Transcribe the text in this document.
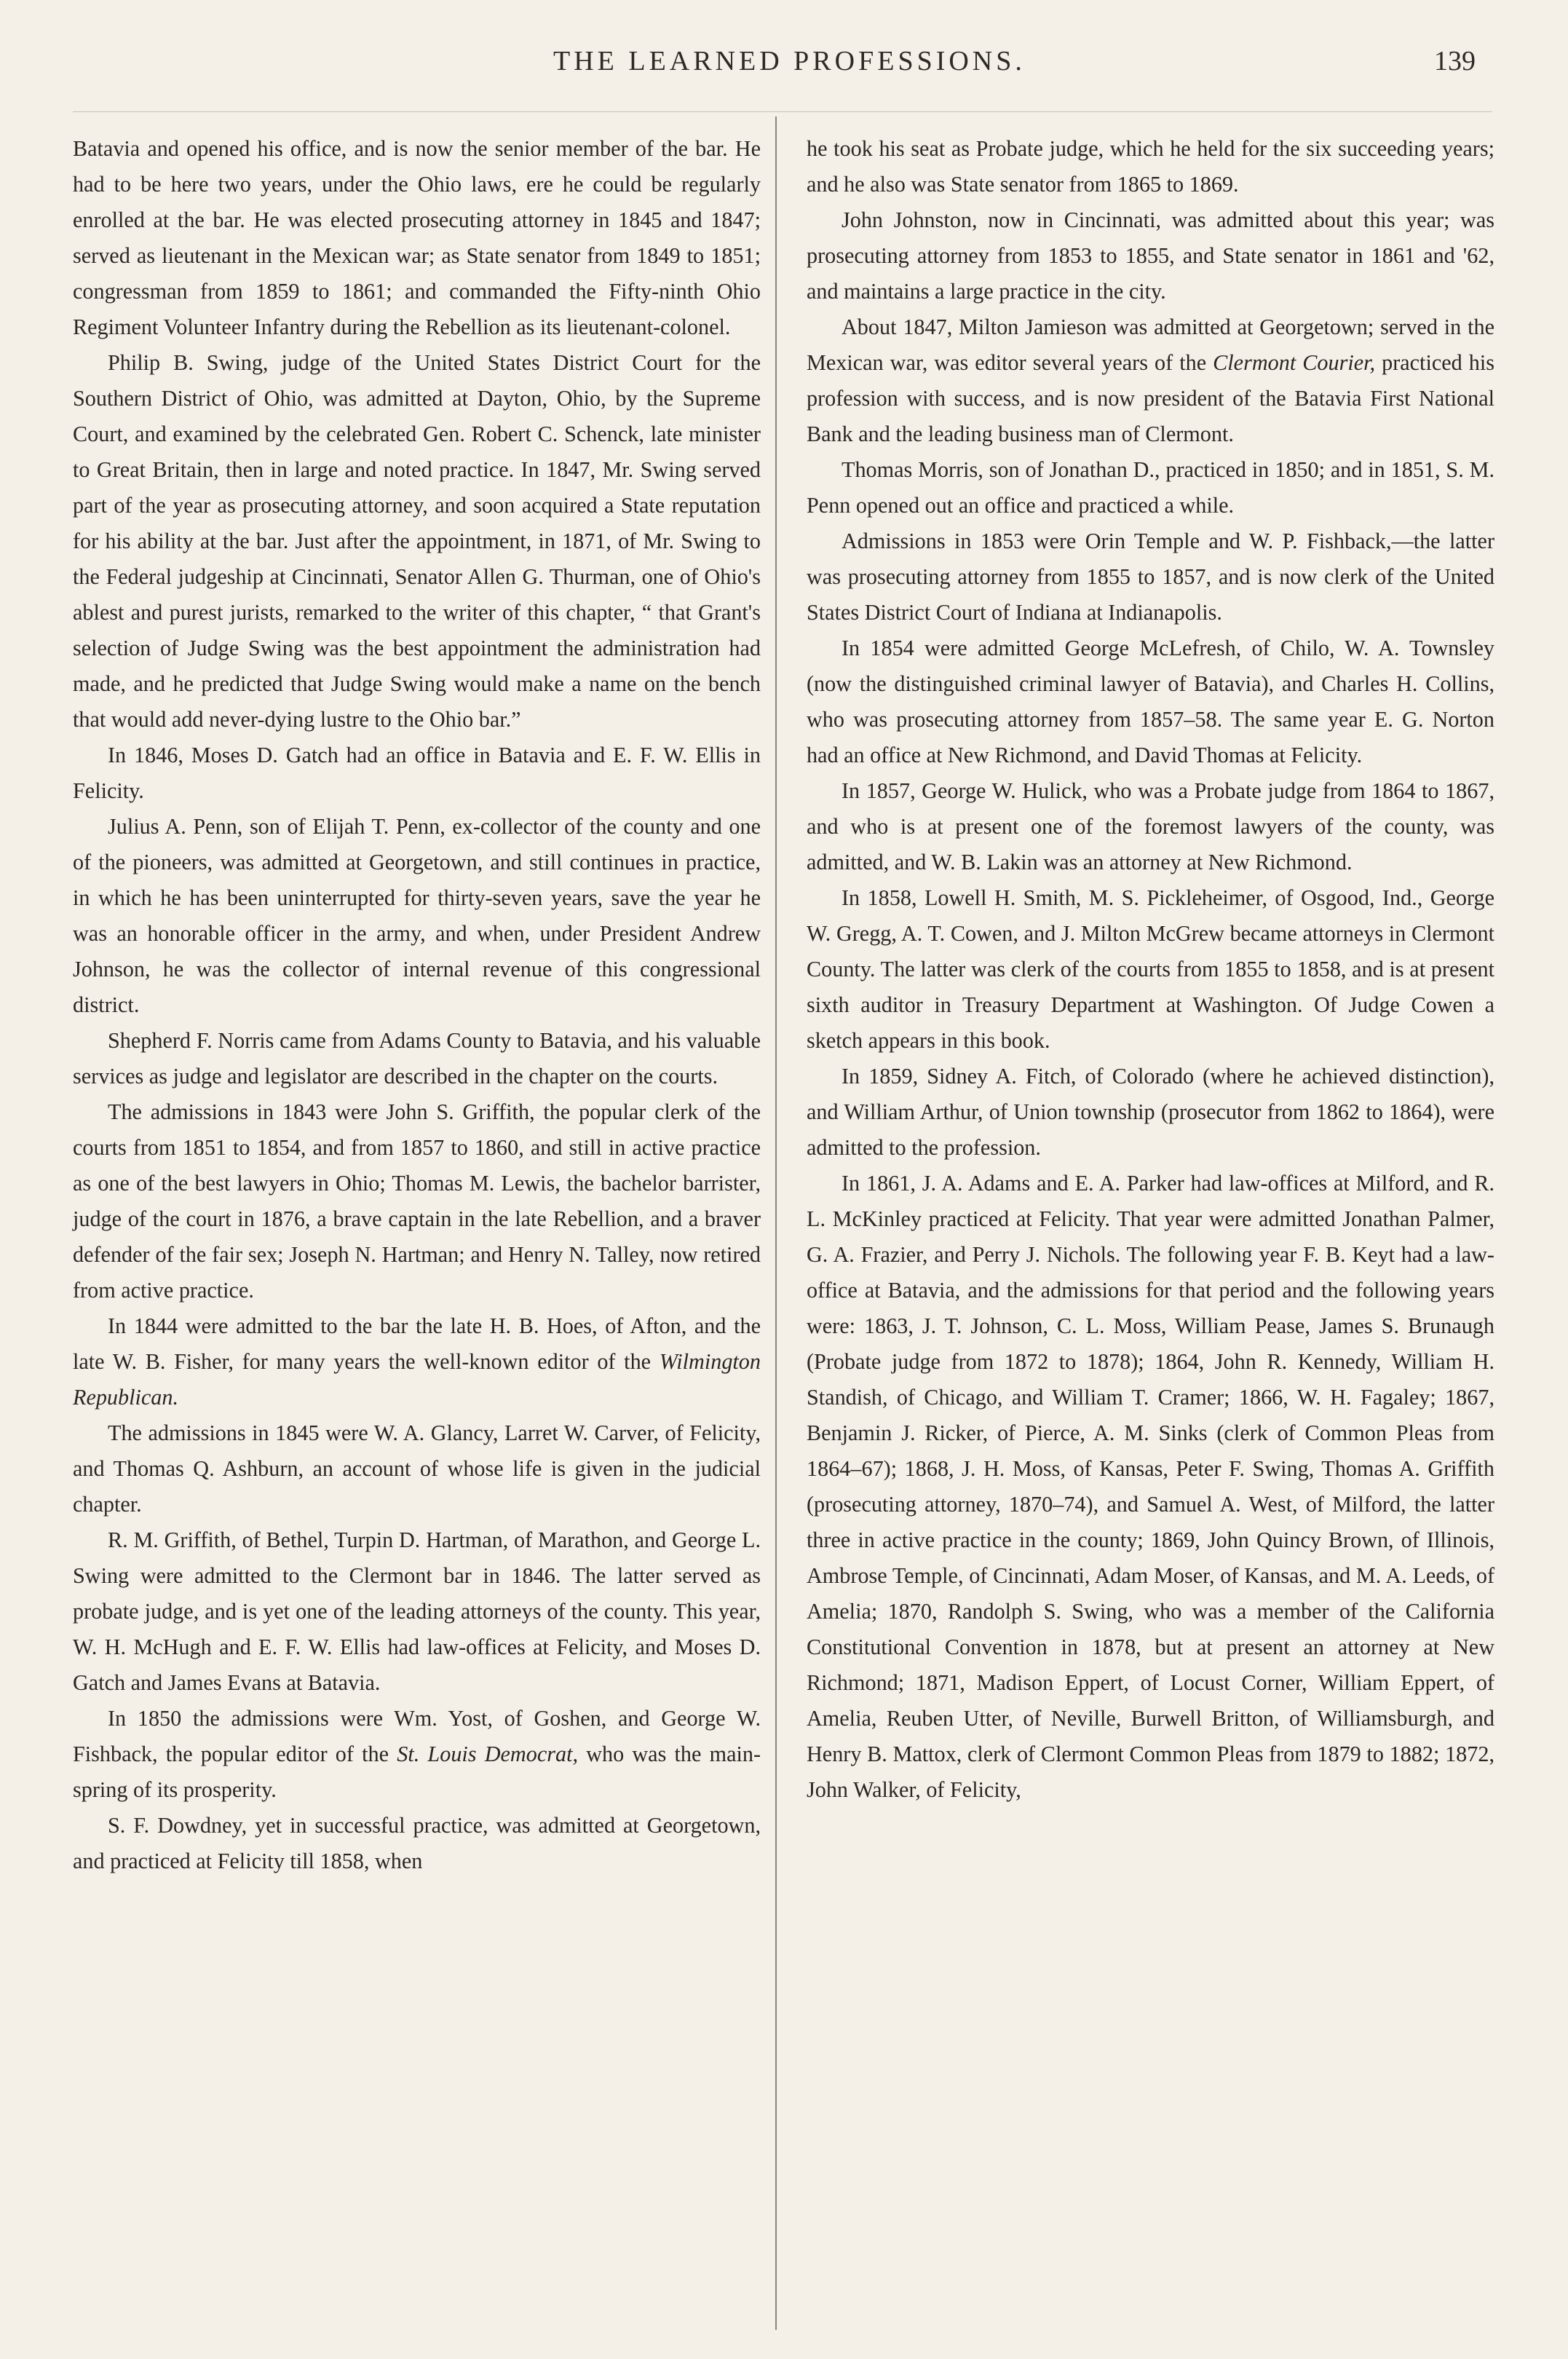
THE LEARNED PROFESSIONS.	139

Batavia and opened his office, and is now the senior member of the bar. He had to be here two years, under the Ohio laws, ere he could be regularly enrolled at the bar. He was elected prosecuting attorney in 1845 and 1847; served as lieutenant in the Mexican war; as State senator from 1849 to 1851; congressman from 1859 to 1861; and commanded the Fifty-ninth Ohio Regiment Volunteer Infantry during the Rebellion as its lieutenant-colonel.

Philip B. Swing, judge of the United States District Court for the Southern District of Ohio, was admitted at Dayton, Ohio, by the Supreme Court, and examined by the celebrated Gen. Robert C. Schenck, late minister to Great Britain, then in large and noted practice. In 1847, Mr. Swing served part of the year as prosecuting attorney, and soon acquired a State reputation for his ability at the bar. Just after the appointment, in 1871, of Mr. Swing to the Federal judgeship at Cincinnati, Senator Allen G. Thurman, one of Ohio's ablest and purest jurists, remarked to the writer of this chapter, “ that Grant's selection of Judge Swing was the best appointment the administration had made, and he predicted that Judge Swing would make a name on the bench that would add never-dying lustre to the Ohio bar.”

In 1846, Moses D. Gatch had an office in Batavia and E. F. W. Ellis in Felicity.

Julius A. Penn, son of Elijah T. Penn, ex-collector of the county and one of the pioneers, was admitted at Georgetown, and still continues in practice, in which he has been uninterrupted for thirty-seven years, save the year he was an honorable officer in the army, and when, under President Andrew Johnson, he was the collector of internal revenue of this congressional district.

Shepherd F. Norris came from Adams County to Batavia, and his valuable services as judge and legislator are described in the chapter on the courts.

The admissions in 1843 were John S. Griffith, the popular clerk of the courts from 1851 to 1854, and from 1857 to 1860, and still in active practice as one of the best lawyers in Ohio; Thomas M. Lewis, the bachelor barrister, judge of the court in 1876, a brave captain in the late Rebellion, and a braver defender of the fair sex; Joseph N. Hartman; and Henry N. Talley, now retired from active practice.

In 1844 were admitted to the bar the late H. B. Hoes, of Afton, and the late W. B. Fisher, for many years the well-known editor of the Wilmington Republican.

The admissions in 1845 were W. A. Glancy, Larret W. Carver, of Felicity, and Thomas Q. Ashburn, an account of whose life is given in the judicial chapter.

R. M. Griffith, of Bethel, Turpin D. Hartman, of Marathon, and George L. Swing were admitted to the Clermont bar in 1846. The latter served as probate judge, and is yet one of the leading attorneys of the county. This year, W. H. McHugh and E. F. W. Ellis had law-offices at Felicity, and Moses D. Gatch and James Evans at Batavia.

In 1850 the admissions were Wm. Yost, of Goshen, and George W. Fishback, the popular editor of the St. Louis Democrat, who was the main-spring of its prosperity.

S. F. Dowdney, yet in successful practice, was admitted at Georgetown, and practiced at Felicity till 1858, when

he took his seat as Probate judge, which he held for the six succeeding years; and he also was State senator from 1865 to 1869.

John Johnston, now in Cincinnati, was admitted about this year; was prosecuting attorney from 1853 to 1855, and State senator in 1861 and '62, and maintains a large practice in the city.

About 1847, Milton Jamieson was admitted at Georgetown; served in the Mexican war, was editor several years of the Clermont Courier, practiced his profession with success, and is now president of the Batavia First National Bank and the leading business man of Clermont.

Thomas Morris, son of Jonathan D., practiced in 1850; and in 1851, S. M. Penn opened out an office and practiced a while.

Admissions in 1853 were Orin Temple and W. P. Fishback,—the latter was prosecuting attorney from 1855 to 1857, and is now clerk of the United States District Court of Indiana at Indianapolis.

In 1854 were admitted George McLefresh, of Chilo, W. A. Townsley (now the distinguished criminal lawyer of Batavia), and Charles H. Collins, who was prosecuting attorney from 1857–58. The same year E. G. Norton had an office at New Richmond, and David Thomas at Felicity.

In 1857, George W. Hulick, who was a Probate judge from 1864 to 1867, and who is at present one of the foremost lawyers of the county, was admitted, and W. B. Lakin was an attorney at New Richmond.

In 1858, Lowell H. Smith, M. S. Pickleheimer, of Osgood, Ind., George W. Gregg, A. T. Cowen, and J. Milton McGrew became attorneys in Clermont County. The latter was clerk of the courts from 1855 to 1858, and is at present sixth auditor in Treasury Department at Washington. Of Judge Cowen a sketch appears in this book.

In 1859, Sidney A. Fitch, of Colorado (where he achieved distinction), and William Arthur, of Union township (prosecutor from 1862 to 1864), were admitted to the profession.

In 1861, J. A. Adams and E. A. Parker had law-offices at Milford, and R. L. McKinley practiced at Felicity. That year were admitted Jonathan Palmer, G. A. Frazier, and Perry J. Nichols. The following year F. B. Keyt had a law-office at Batavia, and the admissions for that period and the following years were: 1863, J. T. Johnson, C. L. Moss, William Pease, James S. Brunaugh (Probate judge from 1872 to 1878); 1864, John R. Kennedy, William H. Standish, of Chicago, and William T. Cramer; 1866, W. H. Fagaley; 1867, Benjamin J. Ricker, of Pierce, A. M. Sinks (clerk of Common Pleas from 1864–67); 1868, J. H. Moss, of Kansas, Peter F. Swing, Thomas A. Griffith (prosecuting attorney, 1870–74), and Samuel A. West, of Milford, the latter three in active practice in the county; 1869, John Quincy Brown, of Illinois, Ambrose Temple, of Cincinnati, Adam Moser, of Kansas, and M. A. Leeds, of Amelia; 1870, Randolph S. Swing, who was a member of the California Constitutional Convention in 1878, but at present an attorney at New Richmond; 1871, Madison Eppert, of Locust Corner, William Eppert, of Amelia, Reuben Utter, of Neville, Burwell Britton, of Williamsburgh, and Henry B. Mattox, clerk of Clermont Common Pleas from 1879 to 1882; 1872, John Walker, of Felicity,
